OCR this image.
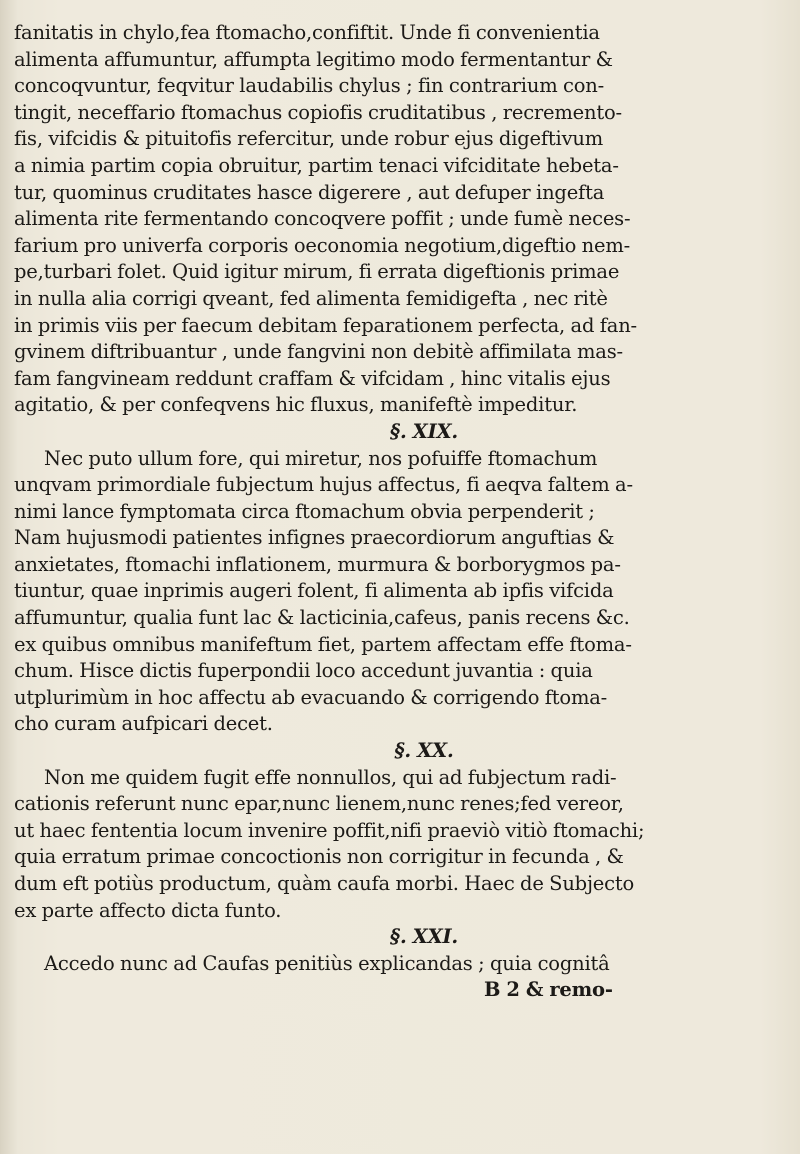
fanitatis in chylo,fea ftomacho,confiftit. Unde fi convenientia
alimenta affumuntur, affumpta legitimo modo fermentantur &
concoqvuntur, feqvitur laudabilis chylus ; fin contrarium con-
tingit, neceffario ftomachus copiofis cruditatibus , recremento-
fis, vifcidis & pituitofis refercitur, unde robur ejus digeftivum
a nimia partim copia obruitur, partim tenaci vifciditate hebeta-
tur, quominus cruditates hasce digerere , aut defuper ingefta
alimenta rite fermentando concoqvere poffit ; unde fumè neces-
farium pro univerfa corporis oeconomia negotium,digeftio nem-
pe,turbari folet. Quid igitur mirum, fi errata digeftionis primae
in nulla alia corrigi qveant, fed alimenta femidigefta , nec ritè
in primis viis per faecum debitam feparationem perfecta, ad fan-
gvinem diftribuantur , unde fangvini non debitè affimilata mas-
fam fangvineam reddunt craffam & vifcidam , hinc vitalis ejus
agitatio, & per confeqvens hic fluxus, manifeftè impeditur.
§. XIX.
Nec puto ullum fore, qui miretur, nos pofuiffe ftomachum
unqvam primordiale fubjectum hujus affectus, fi aeqva faltem a-
nimi lance fymptomata circa ftomachum obvia perpenderit ;
Nam hujusmodi patientes infignes praecordiorum anguftias &
anxietates, ftomachi inflationem, murmura & borborygmos pa-
tiuntur, quae inprimis augeri folent, fi alimenta ab ipfis vifcida
affumuntur, qualia funt lac & lacticinia,cafeus, panis recens &c.
ex quibus omnibus manifeftum fiet, partem affectam effe ftoma-
chum. Hisce dictis fuperpondii loco accedunt juvantia : quia
utplurimùm in hoc affectu ab evacuando & corrigendo ftoma-
cho curam aufpicari decet.
§. XX.
Non me quidem fugit effe nonnullos, qui ad fubjectum radi-
cationis referunt nunc epar,nunc lienem,nunc renes;fed vereor,
ut haec fententia locum invenire poffit,nifi praeviò vitiò ftomachi;
quia erratum primae concoctionis non corrigitur in fecunda , &
dum eft potiùs productum, quàm caufa morbi. Haec de Subjecto
ex parte affecto dicta funto.
§. XXI.
Accedo nunc ad Caufas penitiùs explicandas ; quia cognitâ
B 2 & remo-
